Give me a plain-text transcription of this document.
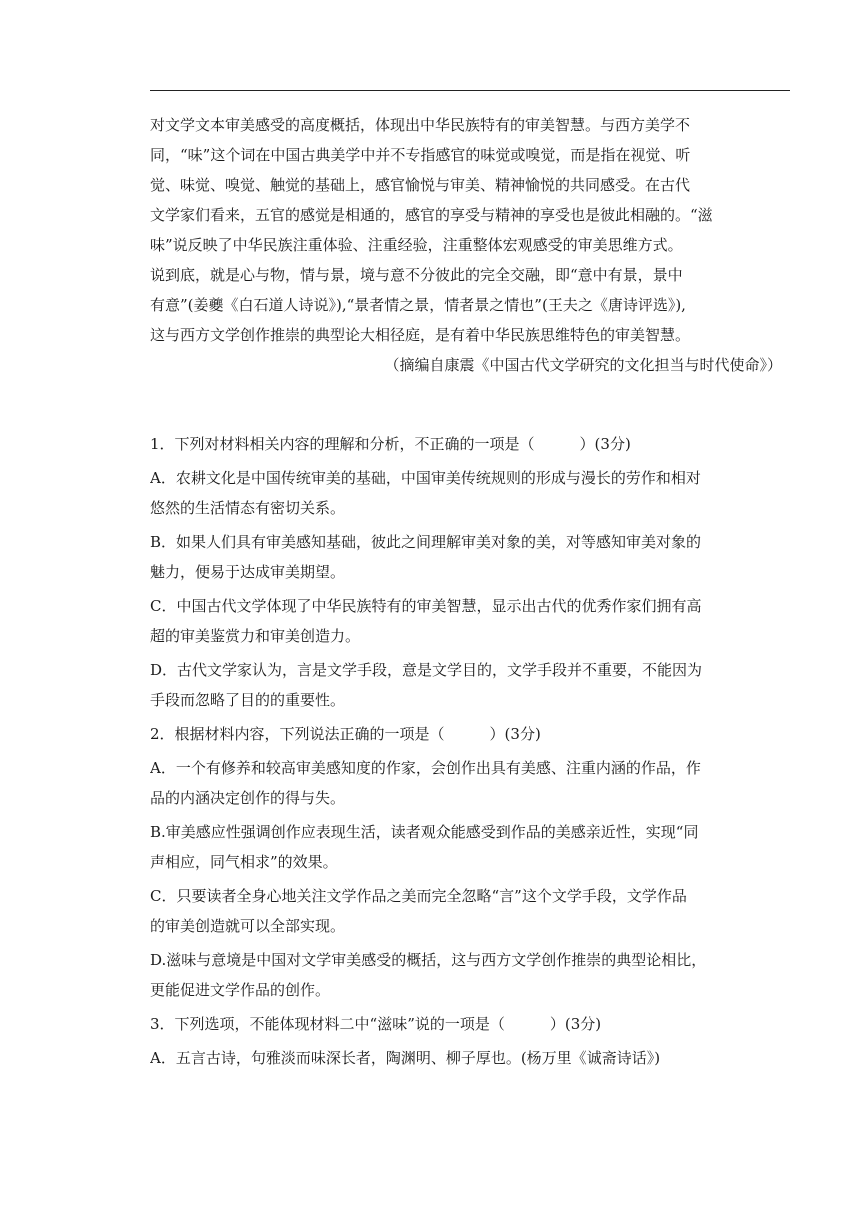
对文学文本审美感受的高度概括，体现出中华民族特有的审美智慧。与西方美学不
同，“味”这个词在中国古典美学中并不专指感官的味觉或嗅觉，而是指在视觉、听
觉、味觉、嗅觉、触觉的基础上，感官愉悦与审美、精神愉悦的共同感受。在古代
文学家们看来，五官的感觉是相通的，感官的享受与精神的享受也是彼此相融的。“滋
味”说反映了中华民族注重体验、注重经验，注重整体宏观感受的审美思维方式。
说到底，就是心与物，情与景，境与意不分彼此的完全交融，即“意中有景，景中
有意”(姜夔《白石道人诗说》),“景者情之景，情者景之情也”(王夫之《唐诗评选》),
这与西方文学创作推崇的典型论大相径庭，是有着中华民族思维特色的审美智慧。

（摘编自康震《中国古代文学研究的文化担当与时代使命》）

1．下列对材料相关内容的理解和分析，不正确的一项是（　　　）(3分)

A．农耕文化是中国传统审美的基础，中国审美传统规则的形成与漫长的劳作和相对
悠然的生活情态有密切关系。
B．如果人们具有审美感知基础，彼此之间理解审美对象的美，对等感知审美对象的
魅力，便易于达成审美期望。
C．中国古代文学体现了中华民族特有的审美智慧，显示出古代的优秀作家们拥有高
超的审美鉴赏力和审美创造力。
D．古代文学家认为，言是文学手段，意是文学目的，文学手段并不重要，不能因为
手段而忽略了目的的重要性。

2．根据材料内容，下列说法正确的一项是（　　　）(3分)

A．一个有修养和较高审美感知度的作家，会创作出具有美感、注重内涵的作品，作
品的内涵决定创作的得与失。
B.审美感应性强调创作应表现生活，读者观众能感受到作品的美感亲近性，实现“同
声相应，同气相求”的效果。
C．只要读者全身心地关注文学作品之美而完全忽略“言”这个文学手段，文学作品
的审美创造就可以全部实现。
D.滋味与意境是中国对文学审美感受的概括，这与西方文学创作推崇的典型论相比，
更能促进文学作品的创作。

3．下列选项，不能体现材料二中“滋味”说的一项是（　　　）(3分)

A．五言古诗，句雅淡而味深长者，陶渊明、柳子厚也。(杨万里《诚斋诗话》)
